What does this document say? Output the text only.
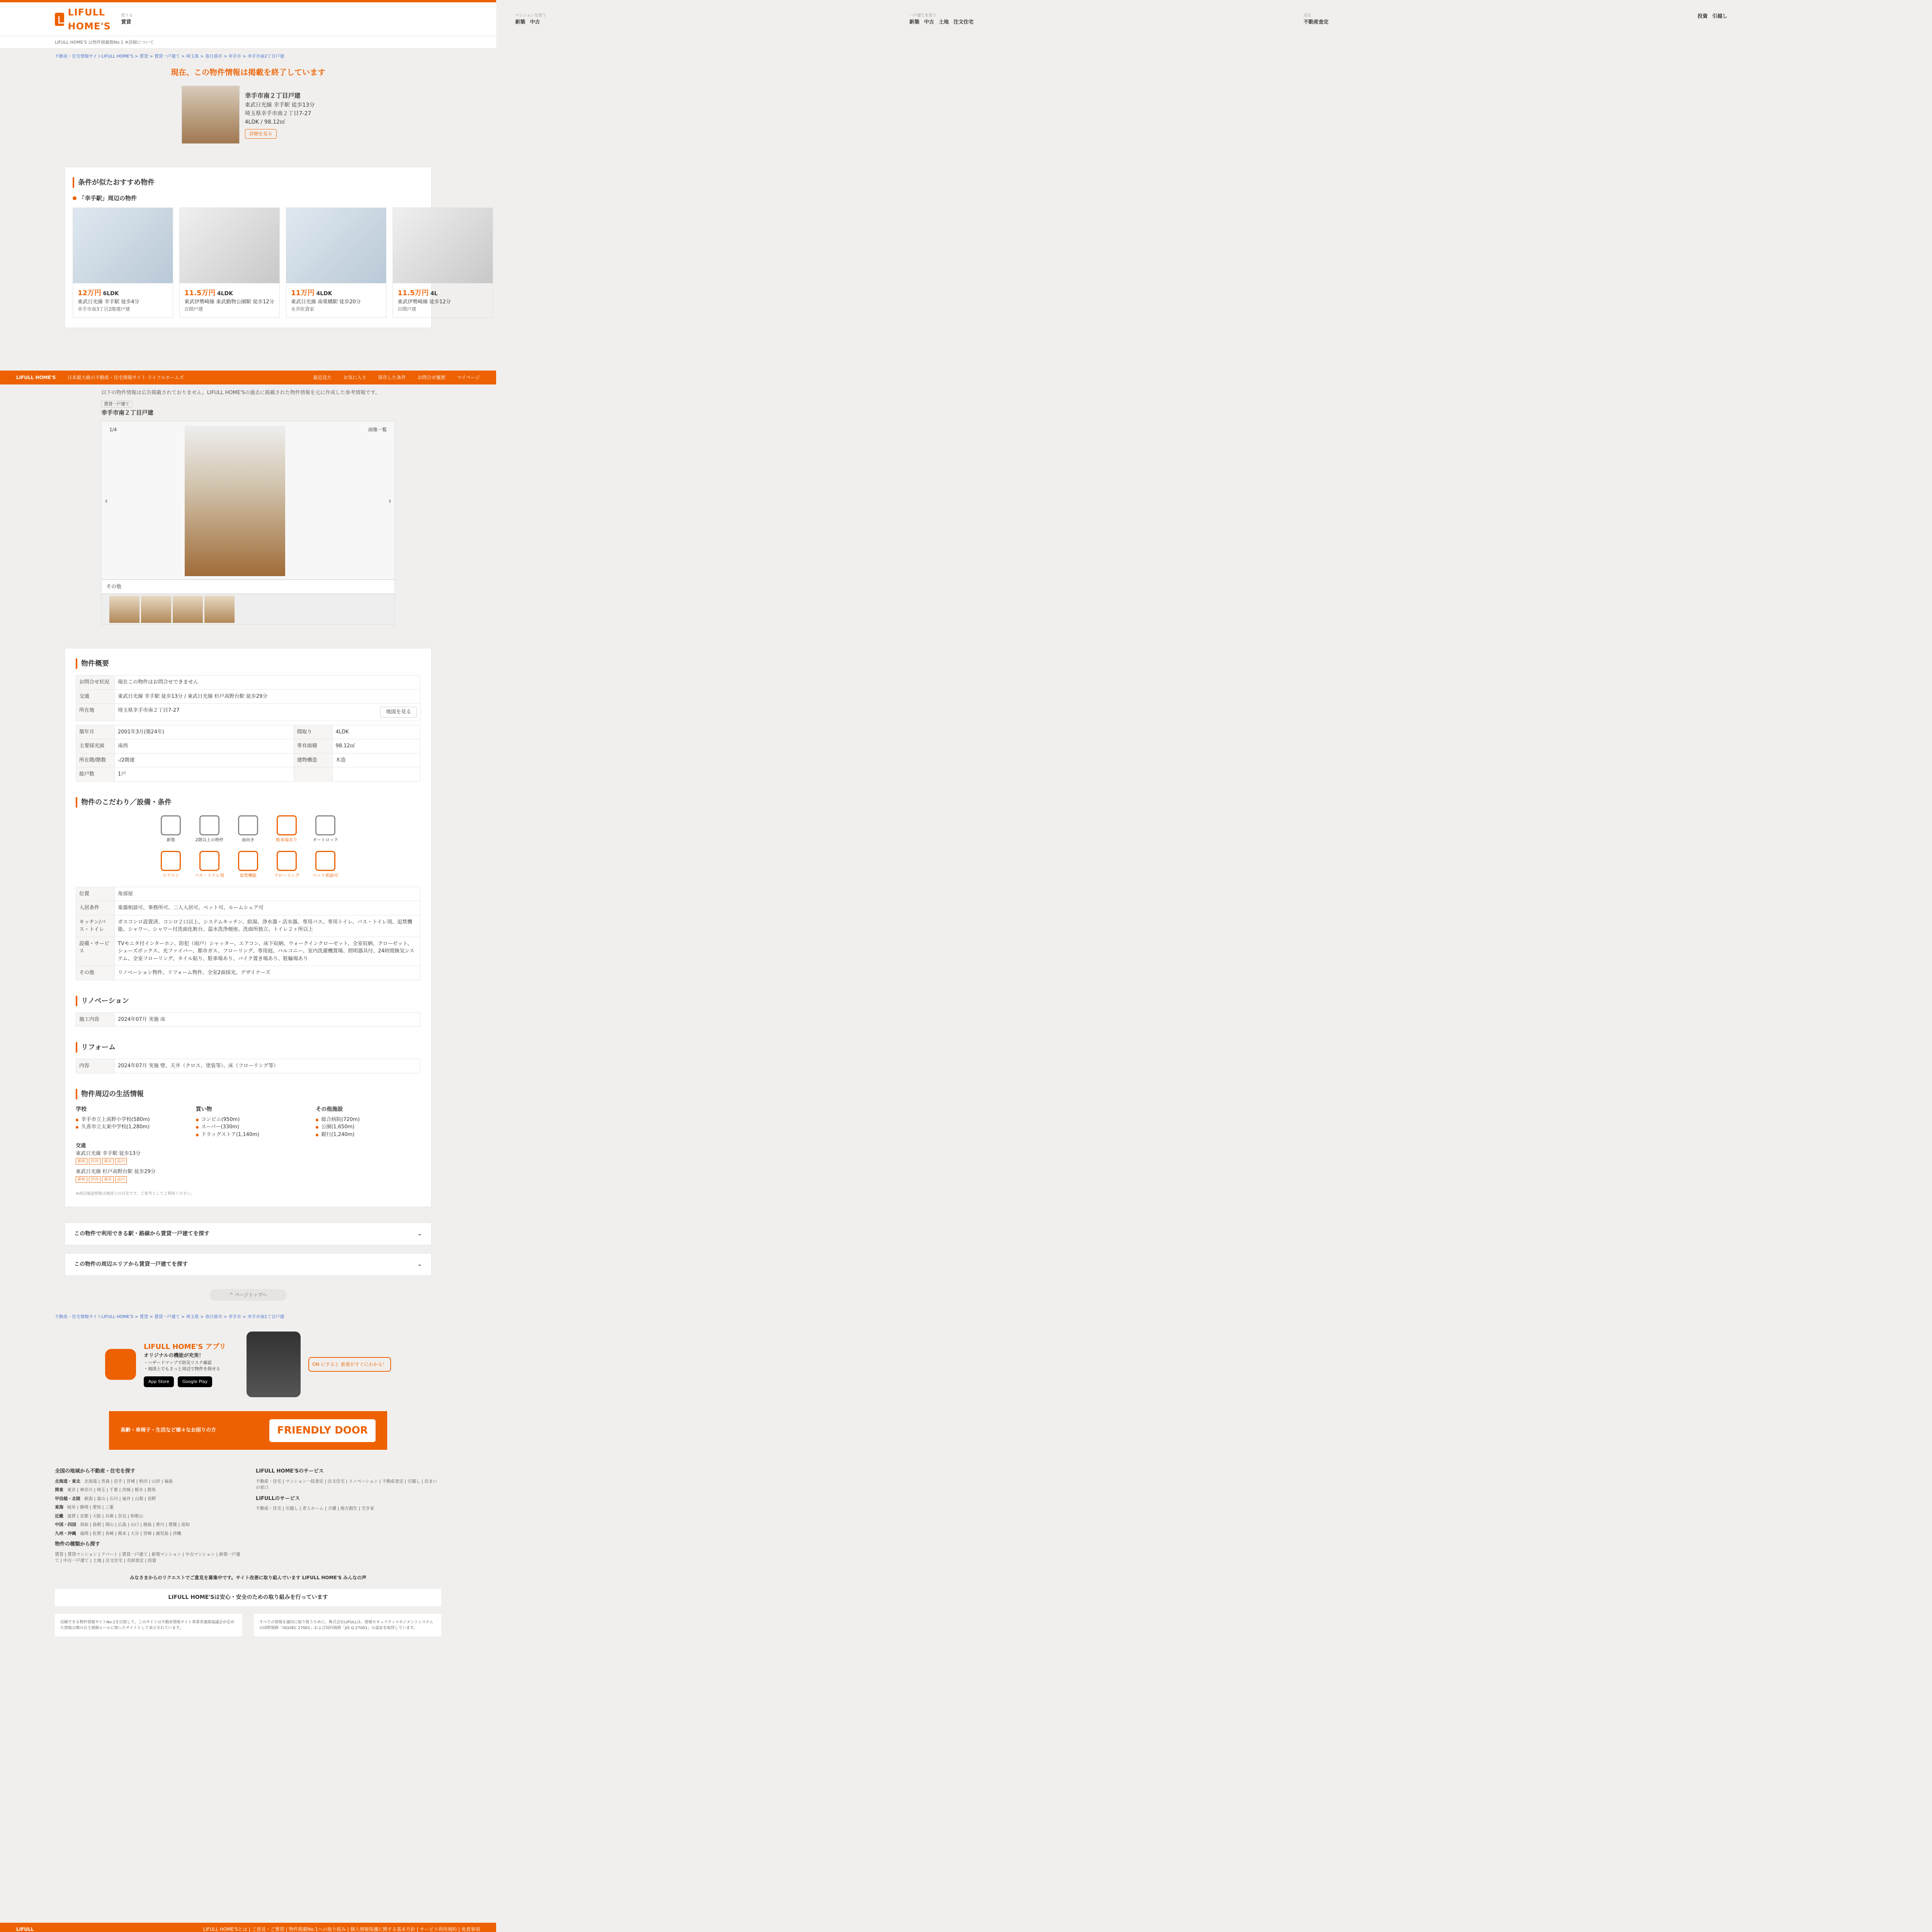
LIFULL HOME'S
借りる
賃貸
マンションを買う
新築 中古
一戸建てを買う
新築 中古 土地 注文住宅
売る
不動産査定
投資 引越し
LIFULL HOME'S は物件掲載数No.1 ※詳細について
不動産・住宅情報サイトLIFULL HOME'S > 賃貸 > 賃貸一戸建て > 埼玉県 > 春日部市 > 幸手市 > 幸手市南2丁目戸建
現在、この物件情報は掲載を終了しています
幸手市南２丁目戸建
東武日光線 幸手駅 徒歩13分
埼玉県幸手市南２丁目7-27
4LDK / 98.12㎡
詳細を見る
条件が似たおすすめ物件
「幸手駅」周辺の物件
12万円 6LDK
東武日光線 幸手駅 徒歩4分
幸手市南3丁目2階建戸建
11.5万円 4LDK
東武伊勢崎線 東武動物公園駅 徒歩12分
百間戸建
11万円 4LDK
東武日光線 南栗橋駅 徒歩20分
永井医貸家
11.5万円 4L
東武伊勢崎線 徒歩12分
百間戸建
LIFULL HOME'S	日本最大級の不動産・住宅情報サイト ライフルホームズ	最近見た	お気に入り	保存した条件	お問合せ履歴	マイページ

以下の物件情報は広告掲載されておりません。LIFULL HOME'Sの過去に掲載された物件情報を元に作成した参考情報です。

賃貸一戸建て
幸手市南２丁目戸建
1/4	画像一覧
‹	›
その他
物件概要
お問合せ状況	現在この物件はお問合せできません
交通	東武日光線 幸手駅 徒歩13分 / 東武日光線 杉戸高野台駅 徒歩29分
所在地	埼玉県幸手市南２丁目7-27 地図を見る
築年月	2001年3月(築24年)	間取り	4LDK
主要採光面	南西	専有面積	98.12㎡
所在階/階数	-/2階建	建物構造	木造
総戸数	1戸		
物件のこだわり／設備・条件
新築	2階以上の物件	南向き	駐車場あり	オートロック
エアコン	バス・トイレ別	追焚機能	フローリング	ペット相談可
位置	角部屋
入居条件	楽器相談可、事務所可、二人入居可、ペット可、ルームシェア可
キッチン/バス・トイレ	ガスコンロ設置済、コンロ２口以上、システムキッチン、給湯、浄水器・活水器、専用バス、専用トイレ、バス・トイレ別、追焚機能、シャワー、シャワー付洗面化粧台、温水洗浄便座、洗面所独立、トイレ２ヶ所以上
設備・サービス	TVモニタ付インターホン、防犯（雨戸）シャッター、エアコン、床下収納、ウォークインクローゼット、全室収納、クローゼット、シューズボックス、光ファイバー、都市ガス、フローリング、専用庭、バルコニー、室内洗濯機置場、照明器具付、24時間換気システム、全室フローリング、タイル貼り、駐車場あり、バイク置き場あり、駐輪場あり
その他	リノベーション物件、リフォーム物件、全室2面採光、デザイナーズ
リノベーション
施工内容	2024年07月 実施 床
リフォーム
内容	2024年07月 実施 壁、天井（クロス、塗装等）、床（フローリング等）
物件周辺の生活情報
学校
幸手市立上高野小学校(580m)
久喜市立太東中学校(1,280m)
買い物
コンビニ(950m)
スーパー(330m)
ドラッグストア(1,140m)
その他施設
総合病院(720m)
公園(1,650m)
銀行(1,240m)
交通
東武日光線 幸手駅 徒歩13分
新宿 渋谷 東京 品川
東武日光線 杉戸高野台駅 徒歩29分
新宿 渋谷 東京 品川

※周辺施設情報は地図上の目安です。ご参考としてご利用ください。

この物件で利用できる駅・路線から賃貸一戸建てを探す	⌄
この物件の周辺エリアから賃貸一戸建てを探す	⌄
^ ページトップへ
不動産・住宅情報サイトLIFULL HOME'S > 賃貸 > 賃貸一戸建て > 埼玉県 > 春日部市 > 幸手市 > 幸手市南2丁目戸建
LIFULL HOME'S アプリ
オリジナルの機能が充実！
・ハザードマップで防災リスク確認
・地図上でもさっと周辺で物件を探せる
App Store	Google Play
ON にすると 新着がすぐにわかる！
高齢・車椅子・生活など様々なお困りの方	FRIENDLY DOOR
全国の地域から不動産・住宅を探す

北海道・東北 北海道 | 青森 | 岩手 | 宮城 | 秋田 | 山形 | 福島

関東 東京 | 神奈川 | 埼玉 | 千葉 | 茨城 | 栃木 | 群馬

甲信越・北陸 新潟 | 富山 | 石川 | 福井 | 山梨 | 長野

東海 岐阜 | 静岡 | 愛知 | 三重

近畿 滋賀 | 京都 | 大阪 | 兵庫 | 奈良 | 和歌山

中国・四国 鳥取 | 島根 | 岡山 | 広島 | 山口 | 徳島 | 香川 | 愛媛 | 高知

九州・沖縄 福岡 | 佐賀 | 長崎 | 熊本 | 大分 | 宮崎 | 鹿児島 | 沖縄

物件の種類から探す

賃貸 | 賃貸マンション | アパート | 賃貸一戸建て | 新築マンション | 中古マンション | 新築一戸建て | 中古一戸建て | 土地 | 注文住宅 | 売却査定 | 投資

LIFULL HOME'Sのサービス

不動産・住宅 | マンション一括査定 | 注文住宅 | リノベーション | 不動産査定 | 引越し | 住まいの窓口

LIFULLのサービス

不動産・住宅 | 引越し | 老人ホーム | 介護 | 地方創生 | 空き家

みなさまからのリクエストでご意見を募集中です。サイト改善に取り組んでいます LIFULL HOME'S みんなの声
LIFULL HOME'Sは安心・安全のための取り組みを行っています
信頼できる物件情報サイトNo.1を目指して。このサイトは不動産情報サイト事業者連絡協議会が定めた情報公開の自主規制ルールに則ったサイトとして表示されています。
すべての情報を適切に取り扱うために。株式会社LIFULLは、情報セキュリティマネジメントシステムの国際規格「ISO/IEC 27001」および国内規格「JIS Q 27001」の認証を取得しています。
LIFULL	LIFULL HOME'Sとは | ご意見・ご要望 | 物件掲載No.1への取り組み | 個人情報保護に関する基本方針 | サービス利用規約 | 免責事項
